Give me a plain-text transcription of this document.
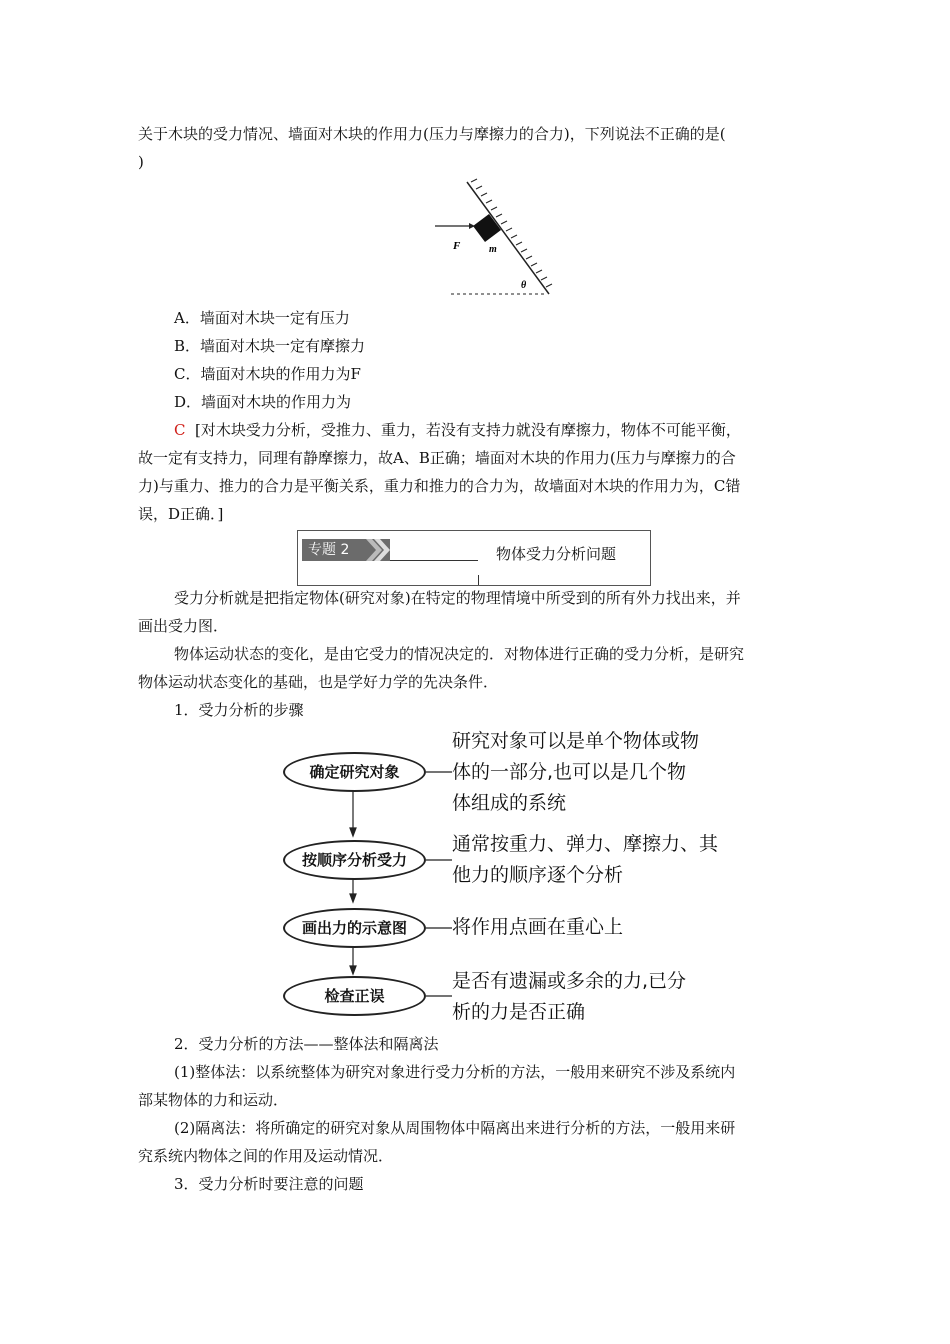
关于木块的受力情况、墙面对木块的作用力(压力与摩擦力的合力)，下列说法不正确的是(
)
F	m
θ
A．墙面对木块一定有压力
B．墙面对木块一定有摩擦力
C．墙面对木块的作用力为F
D．墙面对木块的作用力为
C [对木块受力分析，受推力、重力，若没有支持力就没有摩擦力，物体不可能平衡，
故一定有支持力，同理有静摩擦力，故A、B正确；墙面对木块的作用力(压力与摩擦力的合
力)与重力、推力的合力是平衡关系，重力和推力的合力为，故墙面对木块的作用力为，C错
误，D正确．]
专题 2	物体受力分析问题
受力分析就是把指定物体(研究对象)在特定的物理情境中所受到的所有外力找出来，并
画出受力图．
物体运动状态的变化，是由它受力的情况决定的．对物体进行正确的受力分析，是研究
物体运动状态变化的基础，也是学好力学的先决条件．
1．受力分析的步骤
确定研究对象
研究对象可以是单个物体或物
体的一部分,也可以是几个物
体组成的系统
按顺序分析受力
通常按重力、弹力、摩擦力、其
他力的顺序逐个分析
画出力的示意图	将作用点画在重心上
检查正误
是否有遗漏或多余的力,已分
析的力是否正确
2．受力分析的方法——整体法和隔离法
(1)整体法：以系统整体为研究对象进行受力分析的方法，一般用来研究不涉及系统内
部某物体的力和运动．
(2)隔离法：将所确定的研究对象从周围物体中隔离出来进行分析的方法，一般用来研
究系统内物体之间的作用及运动情况．
3．受力分析时要注意的问题
